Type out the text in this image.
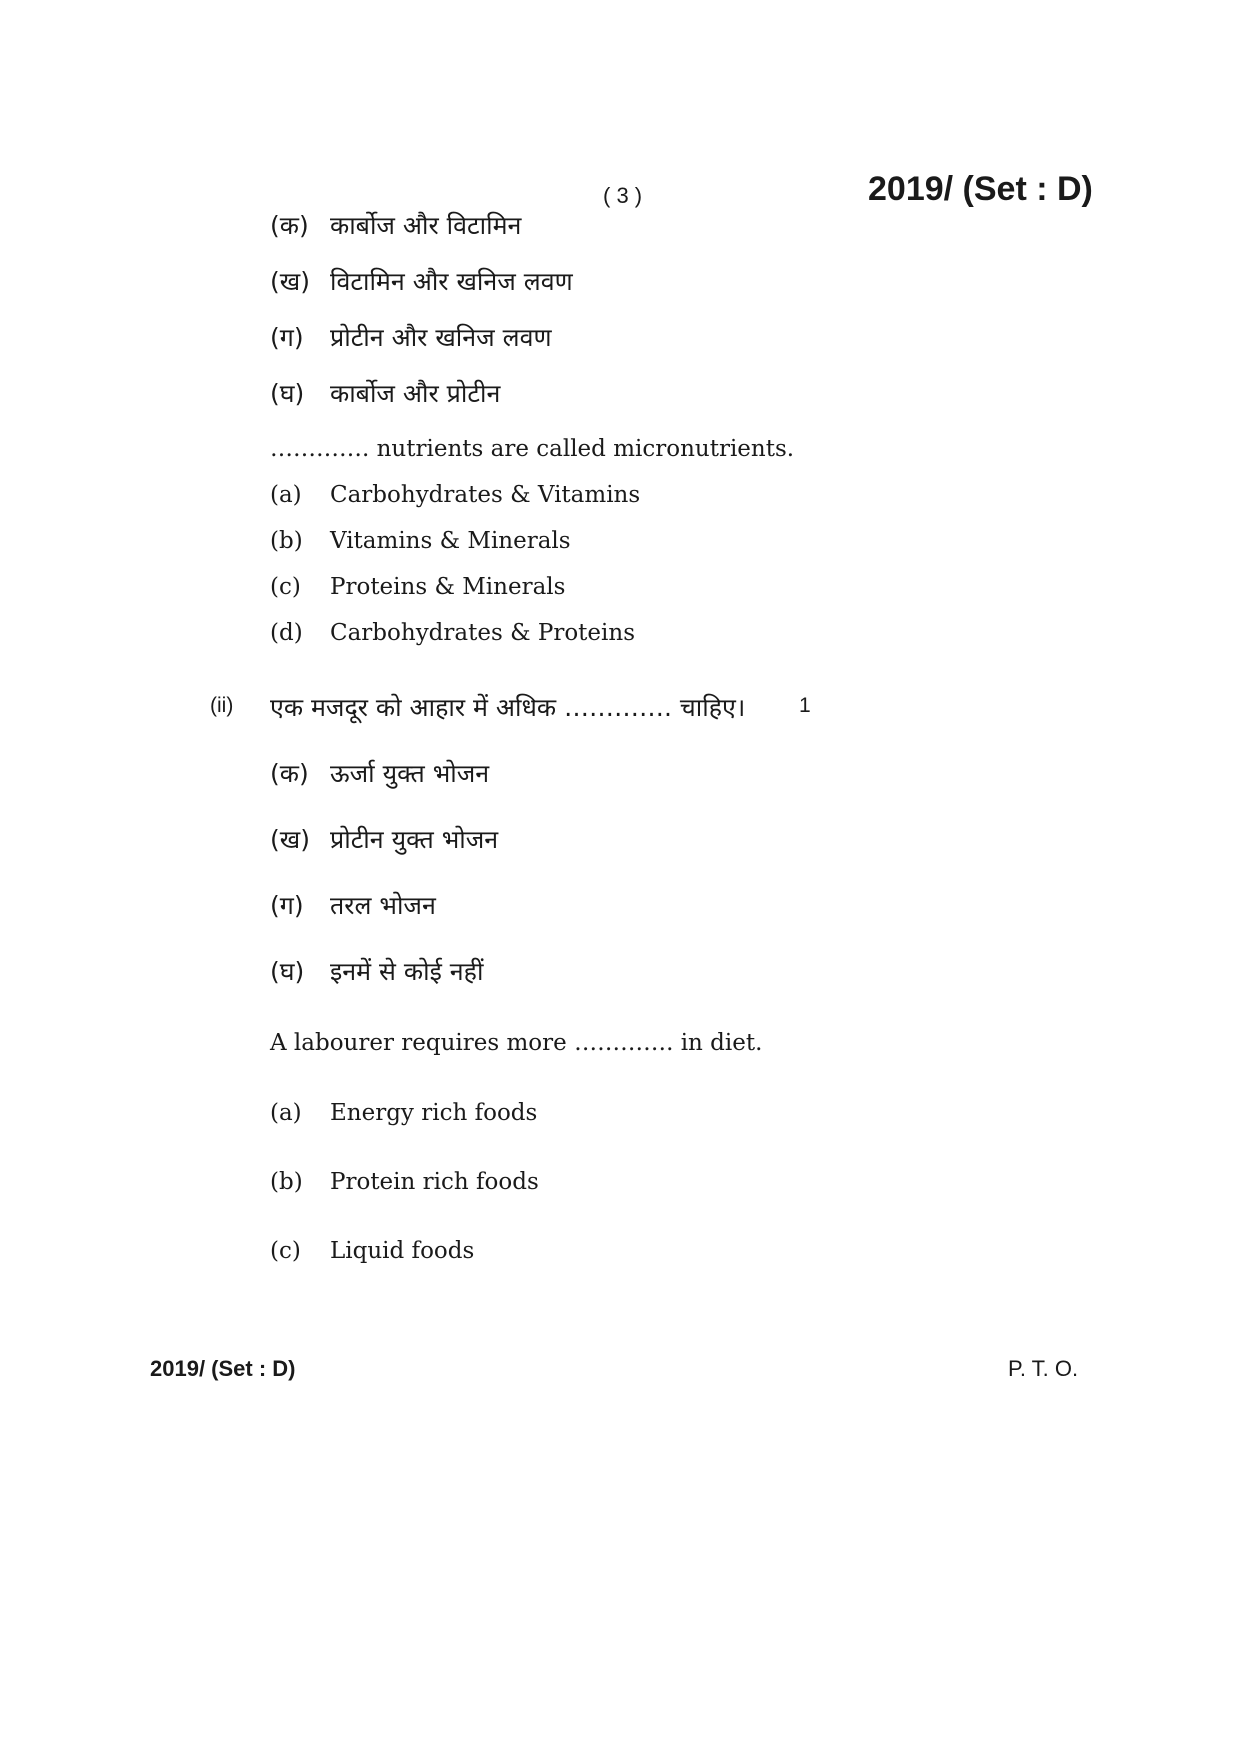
( 3 )	2019/ (Set : D)
(क) कार्बोज और विटामिन
(ख) विटामिन और खनिज लवण
(ग) प्रोटीन और खनिज लवण
(घ) कार्बोज और प्रोटीन
…………. nutrients are called micronutrients.
(a) Carbohydrates & Vitamins
(b) Vitamins & Minerals
(c) Proteins & Minerals
(d) Carbohydrates & Proteins
(ii) एक मजदूर को आहार में अधिक …………. चाहिए।	1
(क) ऊर्जा युक्त भोजन
(ख) प्रोटीन युक्त भोजन
(ग) तरल भोजन
(घ) इनमें से कोई नहीं
A labourer requires more …………. in diet.
(a) Energy rich foods
(b) Protein rich foods
(c) Liquid foods
2019/ (Set : D)	P. T. O.
